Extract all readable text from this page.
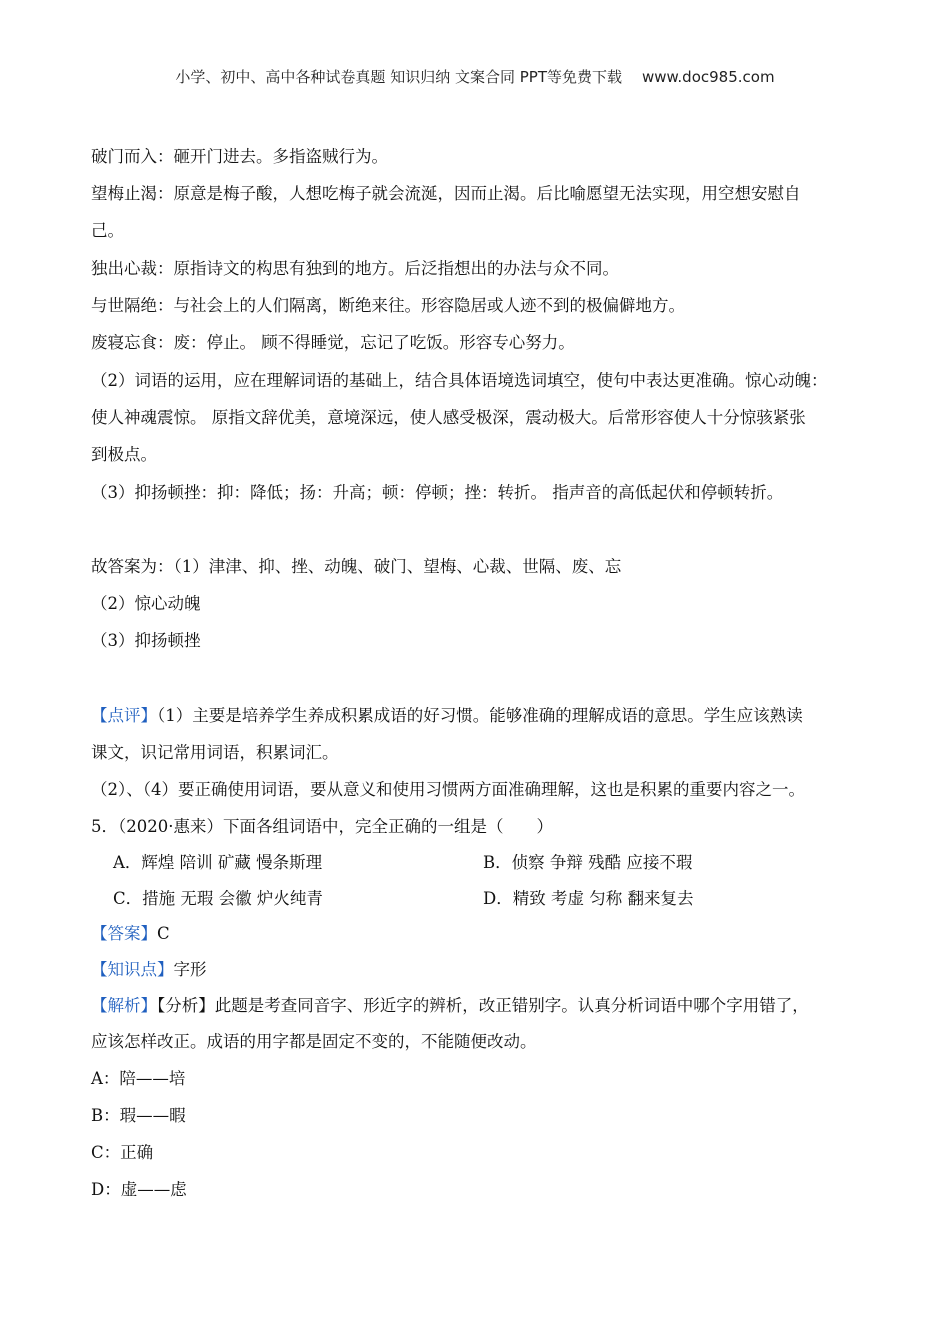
小学、初中、高中各种试卷真题 知识归纳 文案合同 PPT等免费下载 www.doc985.com
破门而入：砸开门进去。多指盗贼行为。
望梅止渴：原意是梅子酸，人想吃梅子就会流涎，因而止渴。后比喻愿望无法实现，用空想安慰自
己。
独出心裁：原指诗文的构思有独到的地方。后泛指想出的办法与众不同。
与世隔绝：与社会上的人们隔离，断绝来往。形容隐居或人迹不到的极偏僻地方。
废寝忘食：废：停止。 顾不得睡觉，忘记了吃饭。形容专心努力。
（2）词语的运用，应在理解词语的基础上，结合具体语境选词填空，使句中表达更准确。惊心动魄：
使人神魂震惊。 原指文辞优美，意境深远，使人感受极深，震动极大。后常形容使人十分惊骇紧张
到极点。
（3）抑扬顿挫：抑：降低；扬：升高；顿：停顿；挫：转折。 指声音的高低起伏和停顿转折。
故答案为：（1）津津、抑、挫、动魄、破门、望梅、心裁、世隔、废、忘
（2）惊心动魄
（3）抑扬顿挫
【点评】（1）主要是培养学生养成积累成语的好习惯。能够准确的理解成语的意思。学生应该熟读
课文，识记常用词语，积累词汇。
（2）、（4）要正确使用词语，要从意义和使用习惯两方面准确理解，这也是积累的重要内容之一。
5．（2020·惠来）下面各组词语中，完全正确的一组是（　　）
A．辉煌 陪训 矿藏 慢条斯理	B．侦察 争辩 残酷 应接不瑕
C．措施 无瑕 会徽 炉火纯青	D．精致 考虚 匀称 翻来复去
【答案】C
【知识点】字形
【解析】【分析】此题是考查同音字、形近字的辨析，改正错别字。认真分析词语中哪个字用错了，
应该怎样改正。成语的用字都是固定不变的，不能随便改动。
A：陪——培
B：瑕——暇
C：正确
D：虚——虑
